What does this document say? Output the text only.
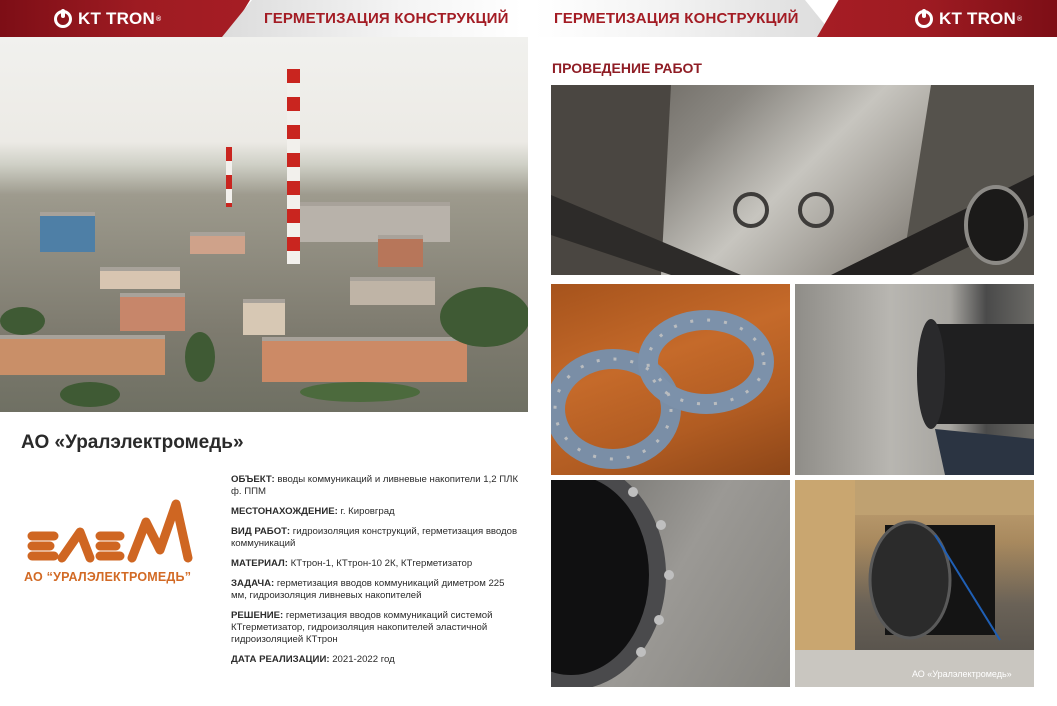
KT TRON ®	ГЕРМЕТИЗАЦИЯ КОНСТРУКЦИЙ	ГЕРМЕТИЗАЦИЯ КОНСТРУКЦИЙ	KT TRON ®
АО «Уралэлектромедь»
АО “УРАЛЭЛЕКТРОМЕДЬ”
ОБЪЕКТ: вводы коммуникаций и ливневые накопители 1,2 ПЛК ф. ППМ
МЕСТОНАХОЖДЕНИЕ: г. Кировград
ВИД РАБОТ: гидроизоляция конструкций, герметизация вводов коммуникаций
МАТЕРИАЛ: КТтрон-1, КТтрон-10 2К, КТгерметизатор
ЗАДАЧА: герметизация вводов коммуникаций диметром 225 мм, гидроизоляция ливневых накопителей
РЕШЕНИЕ: герметизация вводов коммуникаций системой КТгерметизатор, гидроизоляция накопителей эластичной гидроизоляцией КТтрон
ДАТА РЕАЛИЗАЦИИ: 2021-2022 год
ПРОВЕДЕНИЕ РАБОТ
АО «Уралэлектромедь»
